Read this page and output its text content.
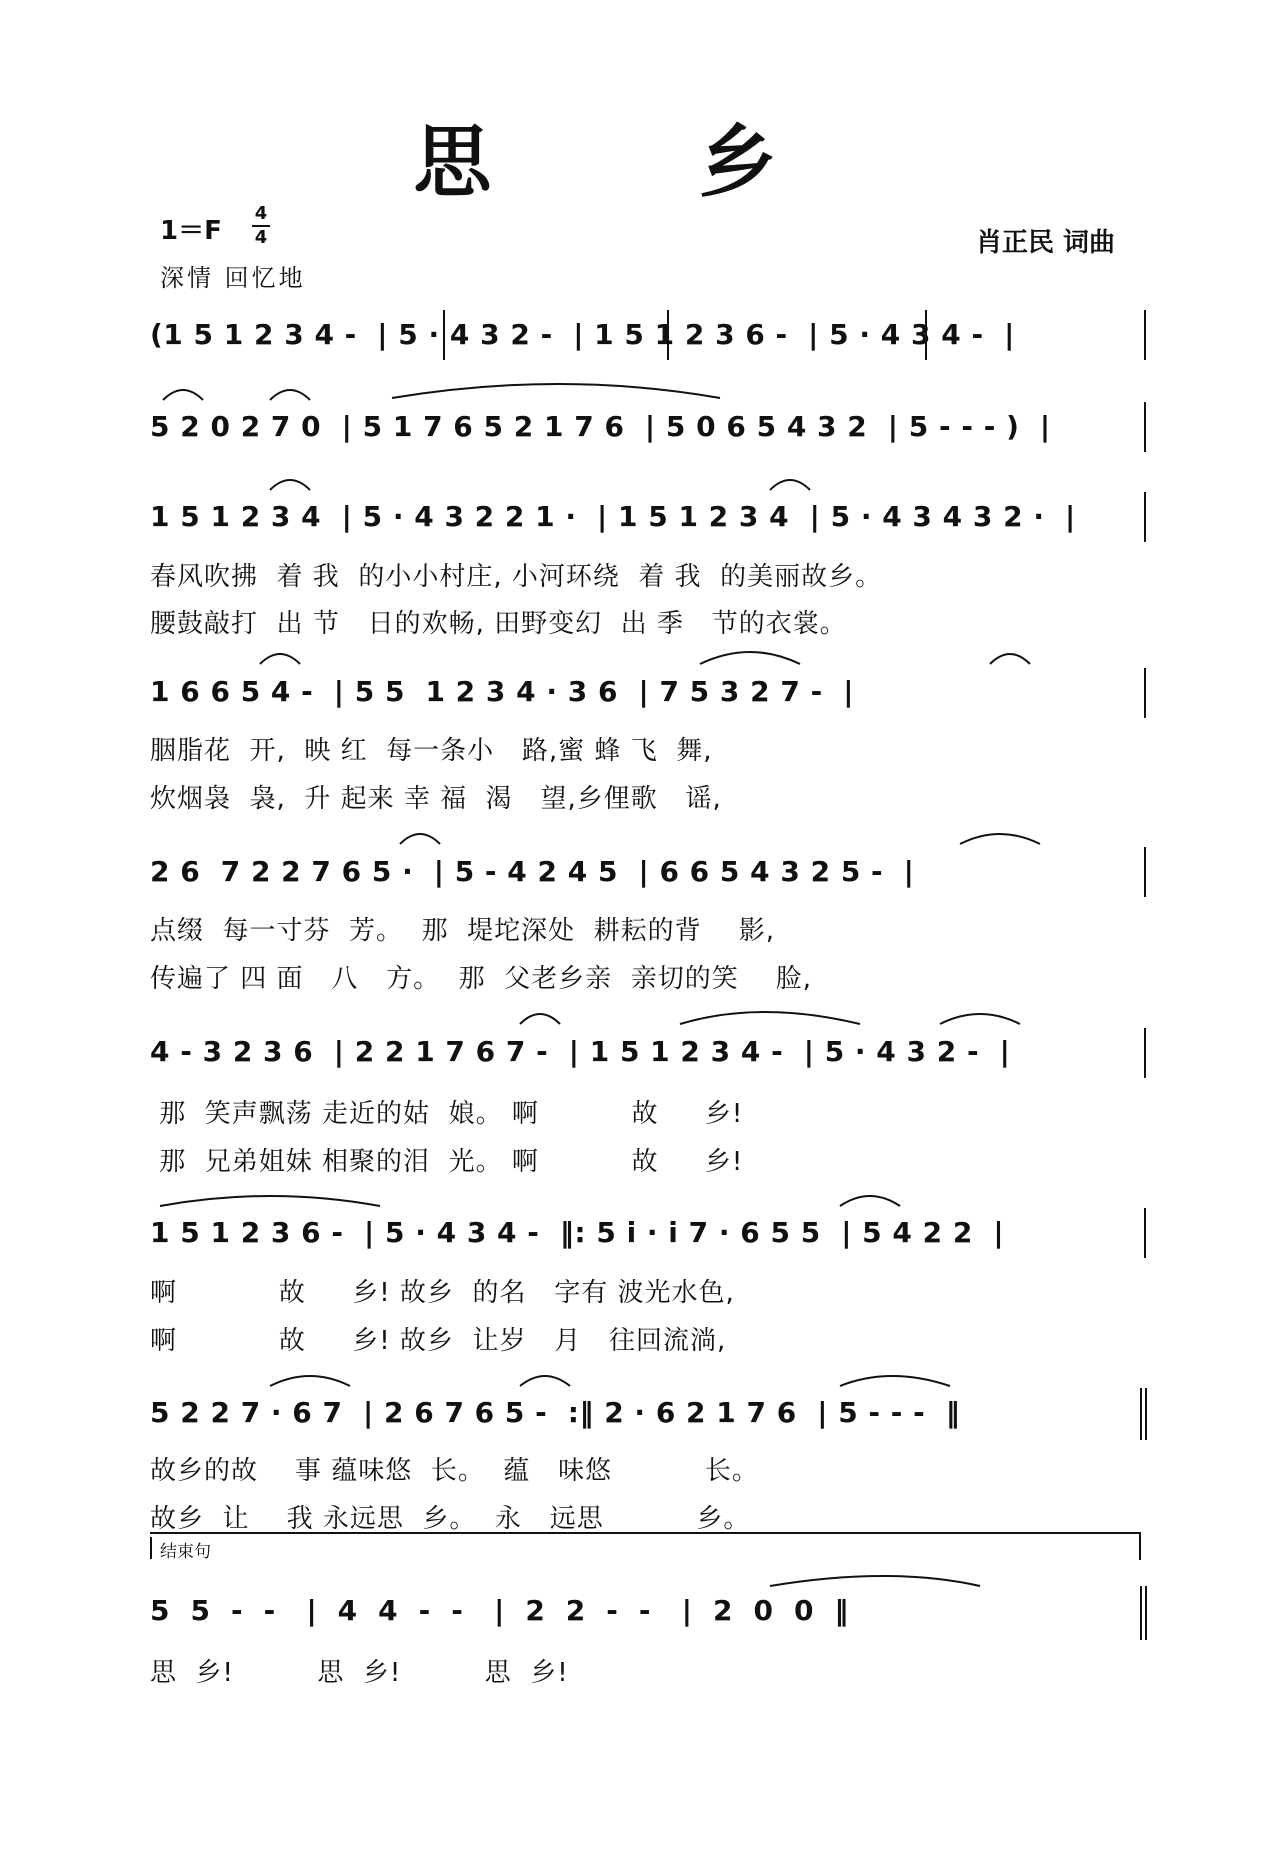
思 乡
1＝F
4
4
深情 回忆地
肖正民 词曲
(1 5 1 2 3 4 -  | 5 · 4 3 2 -  | 1 5 1 2 3 6 -  | 5 · 4 3 4 -  |
5 2 0 2 7 0  | 5 1 7 6 5 2 1 7 6  | 5 0 6 5 4 3 2  | 5 - - - )  |
1 5 1 2 3 4  | 5 · 4 3 2 2 1 ·  | 1 5 1 2 3 4  | 5 · 4 3 4 3 2 ·  |
春风吹拂  着 我  的小小村庄, 小河环绕  着 我  的美丽故乡。
腰鼓敲打  出 节   日的欢畅, 田野变幻  出 季   节的衣裳。
1 6 6 5 4 -  | 5 5  1 2 3 4 · 3 6  | 7 5 3 2 7 -  |
胭脂花  开,  映 红  每一条小   路,蜜 蜂 飞  舞,
炊烟袅  袅,  升 起来 幸 福  渴   望,乡俚歌   谣,
2 6  7 2 2 7 6 5 ·  | 5 - 4 2 4 5  | 6 6 5 4 3 2 5 -  |
点缀  每一寸芬  芳。  那  堤坨深处  耕耘的背    影,
传遍了 四 面   八   方。  那  父老乡亲  亲切的笑    脸,
4 - 3 2 3 6  | 2 2 1 7 6 7 -  | 1 5 1 2 3 4 -  | 5 · 4 3 2 -  |
那  笑声飘荡 走近的姑  娘。 啊          故     乡!
那  兄弟姐妹 相聚的泪  光。 啊          故     乡!
1 5 1 2 3 6 -  | 5 · 4 3 4 -  ‖: 5 i · i 7 · 6 5 5  | 5 4 2 2  |
啊           故     乡! 故乡  的名   字有 波光水色,
啊           故     乡! 故乡  让岁   月   往回流淌,
5 2 2 7 · 6 7  | 2 6 7 6 5 -  :‖ 2 · 6 2 1 7 6  | 5 - - -  ‖
故乡的故    事 蕴味悠  长。  蕴   味悠          长。
故乡  让    我 永远思  乡。  永   远思          乡。
结束句
5  5  -  -   |  4  4  -  -   |  2  2  -  -   |  2  0  0  ‖
思  乡!         思  乡!         思  乡!
